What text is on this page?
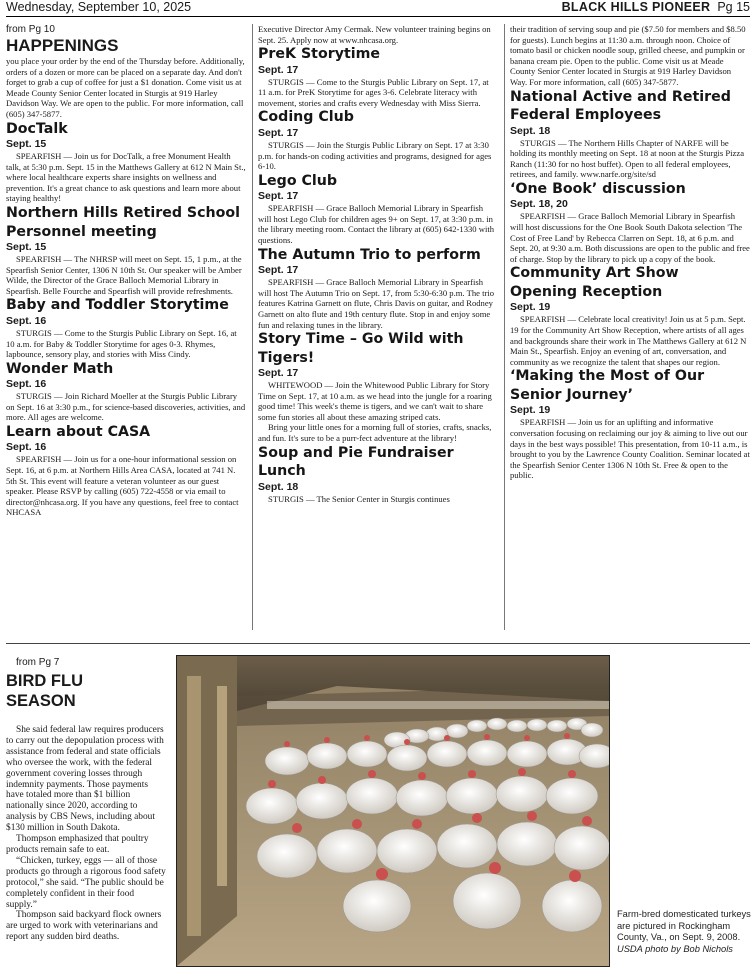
Wednesday, September 10, 2025	BLACK HILLS PIONEER Pg 15

from Pg 10

HAPPENINGS

you place your order by the end of the Thursday before. Additionally, orders of a dozen or more can be placed on a separate day. And don't forget to grab a cup of coffee for just a $1 donation. Come visit us at Meade County Senior Center located in Sturgis at 919 Harley Davidson Way. We are open to the public. For more information, call (605) 347-5877.

DocTalk

Sept. 15

SPEARFISH — Join us for DocTalk, a free Monument Health talk, at 5:30 p.m. Sept. 15 in the Matthews Gallery at 612 N Main St., where local healthcare experts share insights on wellness and prevention. It's a great chance to ask questions and learn more about staying healthy!

Northern Hills Retired School Personnel meeting

Sept. 15

SPEARFISH — The NHRSP will meet on Sept. 15, 1 p.m., at the Spearfish Senior Center, 1306 N 10th St. Our speaker will be Amber Wilde, the Director of the Grace Balloch Memorial Library in Spearfish. Belle Fourche and Spearfish will provide refreshments.

Baby and Toddler Storytime

Sept. 16

STURGIS — Come to the Sturgis Public Library on Sept. 16, at 10 a.m. for Baby & Toddler Storytime for ages 0-3. Rhymes, lapbounce, sensory play, and stories with Miss Cindy.

Wonder Math

Sept. 16

STURGIS — Join Richard Moeller at the Sturgis Public Library on Sept. 16 at 3:30 p.m., for science-based discoveries, activities, and more. All ages are welcome.

Learn about CASA

Sept. 16

SPEARFISH — Join us for a one-hour informational session on Sept. 16, at 6 p.m. at Northern Hills Area CASA, located at 741 N. 5th St. This event will feature a veteran volunteer as our guest speaker. Please RSVP by calling (605) 722-4558 or via email to director@nhcasa.org. If you have any questions, feel free to contact NHCASA

Executive Director Amy Cermak. New volunteer training begins on Sept. 25. Apply now at www.nhcasa.org.

PreK Storytime

Sept. 17

STURGIS — Come to the Sturgis Public Library on Sept. 17, at 11 a.m. for PreK Storytime for ages 3-6. Celebrate literacy with movement, stories and crafts every Wednesday with Miss Sierra.

Coding Club

Sept. 17

STURGIS — Join the Sturgis Public Library on Sept. 17 at 3:30 p.m. for hands-on coding activities and programs, designed for ages 6-10.

Lego Club

Sept. 17

SPEARFISH — Grace Balloch Memorial Library in Spearfish will host Lego Club for children ages 9+ on Sept. 17, at 3:30 p.m. in the library meeting room. Contact the library at (605) 642-1330 with questions.

The Autumn Trio to perform

Sept. 17

SPEARFISH — Grace Balloch Memorial Library in Spearfish will host The Autumn Trio on Sept. 17, from 5:30-6:30 p.m. The trio features Katrina Garnett on flute, Chris Davis on guitar, and Rodney Garnett on alto flute and 19th century flute. Stop in and enjoy some fun and relaxing tunes in the library.

Story Time – Go Wild with Tigers!

Sept. 17

WHITEWOOD — Join the Whitewood Public Library for Story Time on Sept. 17, at 10 a.m. as we head into the jungle for a roaring good time! This week's theme is tigers, and we can't wait to share some fun stories all about these amazing striped cats.

Bring your little ones for a morning full of stories, crafts, snacks, and fun. It's sure to be a purr-fect adventure at the library!

Soup and Pie Fundraiser Lunch

Sept. 18

STURGIS — The Senior Center in Sturgis continues

their tradition of serving soup and pie ($7.50 for members and $8.50 for guests). Lunch begins at 11:30 a.m. through noon. Choice of tomato basil or chicken noodle soup, grilled cheese, and pumpkin or banana cream pie. Open to the public. Come visit us at Meade County Senior Center located in Sturgis at 919 Harley Davidson Way. For more information, call (605) 347-5877.

National Active and Retired Federal Employees

Sept. 18

STURGIS — The Northern Hills Chapter of NARFE will be holding its monthly meeting on Sept. 18 at noon at the Sturgis Pizza Ranch (11:30 for no host buffet). Open to all federal employees, retirees, and family. www.narfe.org/site/sd

‘One Book’ discussion

Sept. 18, 20

SPEARFISH — Grace Balloch Memorial Library in Spearfish will host discussions for the One Book South Dakota selection 'The Cost of Free Land' by Rebecca Clarren on Sept. 18, at 6 p.m. and Sept. 20, at 9:30 a.m. Both discussions are open to the public and free of charge. Stop by the library to pick up a copy of the book.

Community Art Show Opening Reception

Sept. 19

SPEARFISH — Celebrate local creativity! Join us at 5 p.m. Sept. 19 for the Community Art Show Reception, where artists of all ages and backgrounds share their work in The Matthews Gallery at 612 N Main St., Spearfish. Enjoy an evening of art, conversation, and community as we recognize the talent that shapes our region.

‘Making the Most of Our Senior Journey’

Sept. 19

SPEARFISH — Join us for an uplifting and informative conversation focusing on reclaiming our joy & aiming to live out our days in the best ways possible! This presentation, from 10-11 a.m., is brought to you by the Lawrence County Coalition. Seminar located at the Spearfish Senior Center 1306 N 10th St. Free & open to the public.

from Pg 7

BIRD FLU
SEASON

She said federal law requires producers to carry out the depopulation process with assistance from federal and state officials who oversee the work, with the federal government covering losses through indemnity payments. Those payments have totaled more than $1 billion nationally since 2020, according to analysis by CBS News, including about $130 million in South Dakota.

Thompson emphasized that poultry products remain safe to eat.

“Chicken, turkey, eggs — all of those products go through a rigorous food safety protocol,” she said. “The public should be completely confident in their food supply.”

Thompson said backyard flock owners are urged to work with veterinarians and report any sudden bird deaths.

Farm-bred domesticated turkeys are pictured in Rockingham County, Va., on Sept. 9, 2008.
USDA photo by Bob Nichols
